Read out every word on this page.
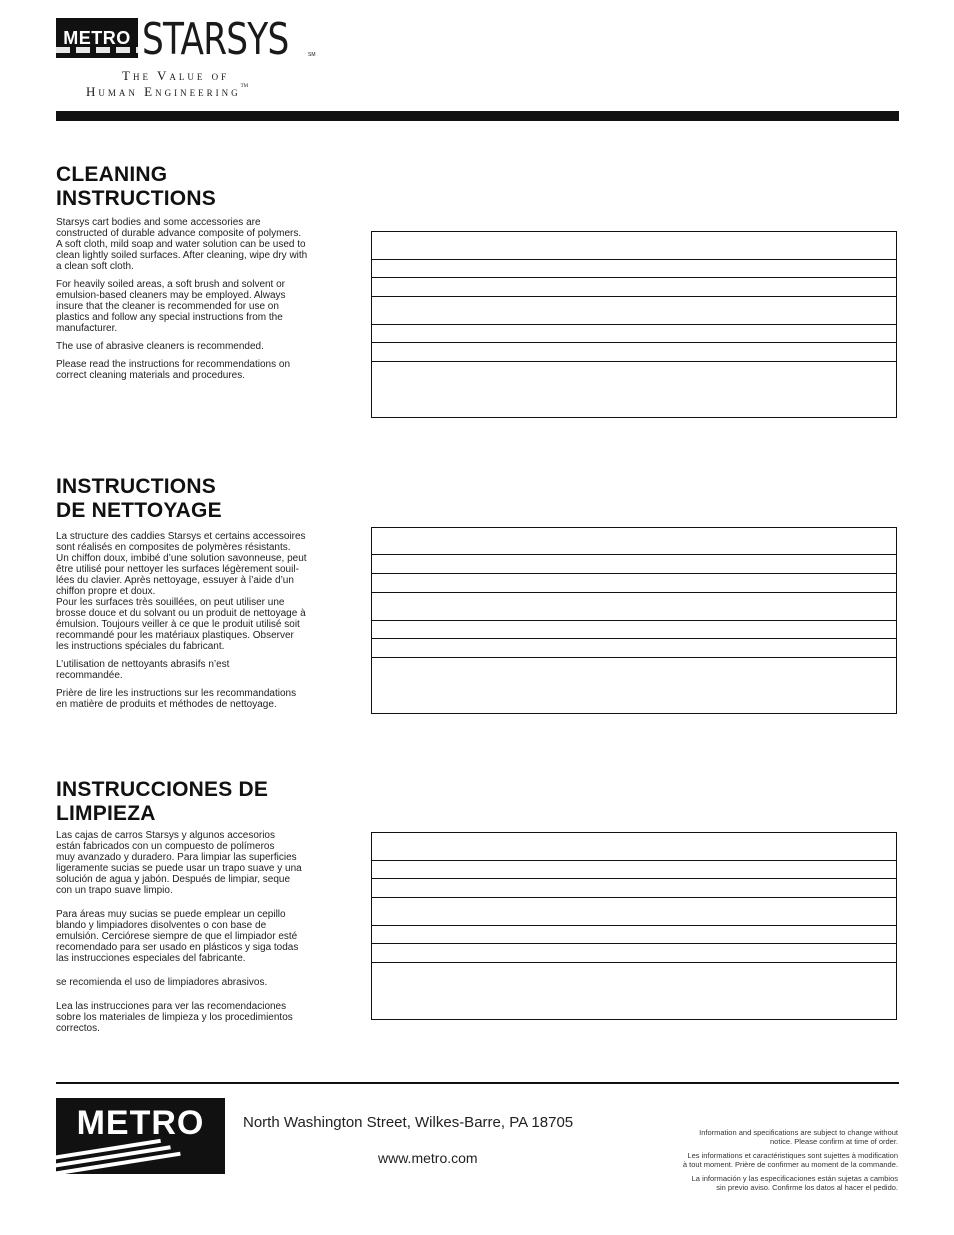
METRO STARSYS	SM
The Value of
Human Engineering™
CLEANING
INSTRUCTIONS

Starsys cart bodies and some accessories are
constructed of durable advance composite of polymers.
A soft cloth, mild soap and water solution can be used to
clean lightly soiled surfaces. After cleaning, wipe dry with
a clean soft cloth.

For heavily soiled areas, a soft brush and solvent or
emulsion-based cleaners may be employed. Always
insure that the cleaner is recommended for use on
plastics and follow any special instructions from the
manufacturer.

The use of abrasive cleaners is recommended.

Please read the instructions for recommendations on
correct cleaning materials and procedures.

INSTRUCTIONS
DE NETTOYAGE

La structure des caddies Starsys et certains accessoires
sont réalisés en composites de polymères résistants.
Un chiffon doux, imbibé d’une solution savonneuse, peut
être utilisé pour nettoyer les surfaces légèrement souil-
lées du clavier. Après nettoyage, essuyer à l’aide d’un
chiffon propre et doux.
Pour les surfaces très souillées, on peut utiliser une
brosse douce et du solvant ou un produit de nettoyage à
émulsion. Toujours veiller à ce que le produit utilisé soit
recommandé pour les matériaux plastiques. Observer
les instructions spéciales du fabricant.

L’utilisation de nettoyants abrasifs n’est
recommandée.

Prière de lire les instructions sur les recommandations
en matière de produits et méthodes de nettoyage.

INSTRUCCIONES DE
LIMPIEZA

Las cajas de carros Starsys y algunos accesorios
están fabricados con un compuesto de polímeros
muy avanzado y duradero. Para limpiar las superficies
ligeramente sucias se puede usar un trapo suave y una
solución de agua y jabón. Después de limpiar, seque
con un trapo suave limpio.

Para áreas muy sucias se puede emplear un cepillo
blando y limpiadores disolventes o con base de
emulsión. Cerciórese siempre de que el limpiador esté
recomendado para ser usado en plásticos y siga todas
las instrucciones especiales del fabricante.

se recomienda el uso de limpiadores abrasivos.

Lea las instrucciones para ver las recomendaciones
sobre los materiales de limpieza y los procedimientos
correctos.

METRO	North Washington Street, Wilkes-Barre, PA 18705
www.metro.com

Information and specifications are subject to change without
notice. Please confirm at time of order.

Les informations et caractéristiques sont sujettes à modification
à tout moment. Prière de confirmer au moment de la commande.

La información y las especificaciones están sujetas a cambios
sin previo aviso. Confirme los datos al hacer el pedido.
